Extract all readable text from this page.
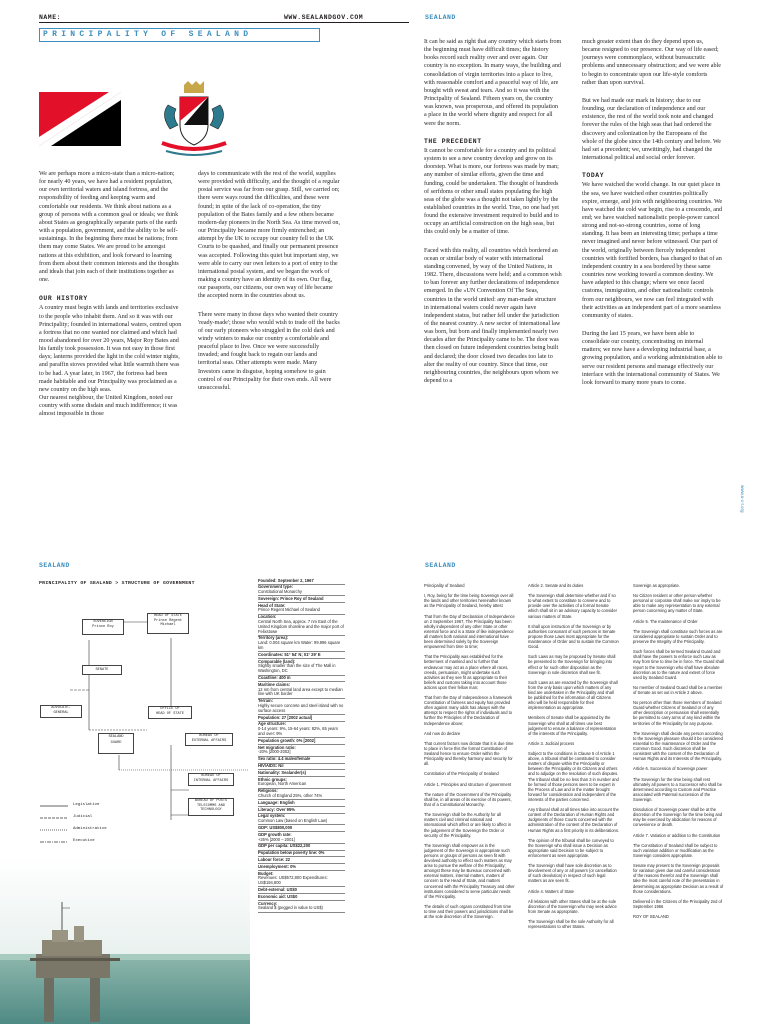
NAME:	WWW.SEALANDGOV.COM	SEALAND
PRINCIPALITY OF SEALAND

We are perhaps more a micro-state than a micro-nation; for nearly 40 years, we have had a resident population, our own territorial waters and island fortress, and the responsibility of feeding and keeping warm and comfortable our residents. We think about nations as a group of persons with a common goal or ideals; we think about States as geographically separate parts of the earth with a population, government, and the ability to be self-sustainings. In the beginning there must be nations; from them may come States. We are proud to be amongst nations at this exhibition, and look forward to learning from them about their common interests and the thoughts and ideals that join each of their institutions together as one.

OUR HISTORY

A country must begin with lands and territories exclusive to the people who inhabit them. And so it was with our Principality; founded in international waters, centred upon a fortress that no one wanted nor claimed and which had mood abandoned for over 20 years, Major Roy Bates and his family took possession. It was not easy in those first days; lanterns provided the light in the cold winter nights, and paraffin stoves provided what little warmth there was to be had. A year later, in 1967, the fortress had been made habitable and our Principality was proclaimed as a new country on the high seas.

Our nearest neighbour, the United Kingdom, noted our country with some disdain and much indifference; it was almost impossible in those

days to communicate with the rest of the world, supplies were provided with difficulty, and the thought of a regular postal service was far from our grasp. Still, we carried on; there were ways round the difficulties, and these were found; in spite of the lack of co-operation, the tiny population of the Bates family and a few others became modern-day pioneers in the North Sea. As time moved on, our Principality became more firmly entrenched; an attempt by the UK to occupy our country fell to the UK Courts to be quashed, and finally our permanent presence was accepted. Following this quiet but important step, we were able to carry our own letters to a port of entry to the international postal system, and we began the work of making a country have an identity of its own. Our flag, our passports, our citizens, our own way of life became the accepted norm in the countries about us.

There were many in those days who wanted their country 'ready-made'; those who would wish to trade off the backs of our early pioneers who struggled in the cold dark and windy winters to make our country a comfortable and peaceful place to live. Once we were successfully invaded; and fought back to regain our lands and territorial seas. Other attempts were made. Many Investors came in disguise, hoping somehow to gain control of our Principality for their own ends. All were unsuccessful.

It can be said as right that any country which starts from the beginning must have difficult times; the history books record such reality over and over again. Our country is no exception. In many ways, the building and consolidation of virgin territories into a place to live, with reasonable comfort and a peaceful way of life, are bought with sweat and tears. And so it was with the Principality of Sealand. Fifteen years on, the country was known, was prosperous, and offered its population a place in the world where dignity and respect for all were the norm.

THE PRECEDENT

It cannot be comfortable for a country and its political system to see a new country develop and grow on its doorstep. What is more, our fortress was made by man; any number of similar efforts, given the time and funding, could be undertaken. The thought of hundreds of serfdoms or other small states populating the high seas of the globe was a thought not taken lightly by the established countries in the world. True, no one had yet found the extensive investment required to build and to occupy an artificial construction on the high seas, but this could only be a matter of time.

Faced with this reality, all countries which bordered an ocean or similar body of water with international standing convened, by way of the United Nations, in 1982. There, discussions were held; and a common wish to ban forever any further declarations of independence emerged. In the »UN Convention Of The Seas, countries in the world united: any man-made structure in international waters could never again have independent status, but rather fell under the jurisdiction of the nearest country. A new sector of international law was born, but born and finally implemented nearly two decades after the Principality came to be. The door was then closed on future independent countries being built and declared; the door closed two decades too late to alter the reality of our country. Since that time, our neighbouring countries, the neighbours upon whom we depend to a

much greater extent than do they depend upon us, became resigned to our presence. Our way of life eased; journeys were commonplace, without bureaucratic problems and unnecessary obstruction; and we were able to begin to concentrate upon our life-style comforts rather than upon survival.

But we had made our mark in history; due to our founding, our declaration of independence and our existence, the rest of the world took note and changed forever the rules of the high seas that had ordered the discovery and colonization by the Europeans of the whole of the globe since the 14th century and before. We had set a precedent; we, unwittingly, had changed the international political and social order forever.

TODAY

We have watched the world change. In our quiet place in the sea, we have watched other countries politically expire, emerge, and join with neighbouring countries. We have watched the cold war begin, rise to a crescendo, and end; we have watched nationalistic people-power cancel strong and not-so-strong countries, some of long standing. It has been an interesting time; perhaps a time never imagined and never before witnessed. Our part of the world, originally between fiercely independent countries with fortified borders, has changed to that of an independent country in a sea bordered by these same countries now working toward a common destiny. We have adapted to this change; where we once faced customs, immigration, and other nationalistic controls from our neighbours, we now can feel integrated with their activities as an independent part of a more seamless community of states.

During the last 15 years, we have been able to consolidate our country, concentrating on internal matters; we now have a developing industrial base, a growing population, and a working administration able to serve our resident persons and manage effectively our interface with the international community of States. We look forward to many more years to come.

www.a-c-t.org
SEALAND	SEALAND
PRINCIPALITY OF SEALAND > STRUCTURE OF GOVERNMENT
SOVEREIGN
Prince Roy
HEAD OF STATE
Prince Regent
Michael
SENATE
ADVOCATE-
GENERAL
OFFICE OF
HEAD OF STATE
SEALAND
GUARD
BUREAU OF
EXTERNAL AFFAIRS
BUREAU OF
INTERNAL AFFAIRS
BUREAU OF POSTS
TELECOMMS AND
TECHNOLOGY
Legislative
Judicial
Administrative
Executive
Founded: September 2, 1967
Government type:
Constitutional Monarchy
Sovereign: Prince Roy of Sealand
Head of State:
Prince Regent Michael of Sealand
Location:
Central North Sea, approx. 7 nm East of the United Kingdom shoreline and the major port of Felixstowe
Territory (area):
Land: 0.004 square km Water: 99.996 square km
Coordinates: 51° 54' N; 01° 29' E
Comparable (land):
Slightly smaller than the size of The Mall in Washington, DC
Coastline: 400 m
Maritime claims:
12 nm from central land area except to median line with UK border
Terrain:
Highly secure concrete and steel island with no surface access
Population: 27 [2002 actual]
Age structure:
0-14 years: 9%, 15-64 years: 82%, 65 years and over: 9%
Population growth: 0% [2002]
Net migration ratio:
-20% [2000-2002]
Sex ratio: 4.4 males/female
HIV/AIDS: Nil
Nationality: Sealander(s)
Ethnic groups:
European, North American
Religions:
Church of England 25%, other 74%
Language: English
Literacy: Over 95%
Legal system:
Common Law (based on English Law)
GDP: US$800,000
GDP growth rate:
+25% [2000 – 2001]
GDP per capita: US$22,200
Population below poverty line: 0%
Labour force: 22
Unemployment: 0%
Budget:
Revenues: US$572,800 Expenditures: US$194,800
Debt-external: US$0
Economic aid: US$0
Currency:
Sealand $ (pegged in value to US$)
Principality of Sealand

I, Roy, being for the time being Sovereign over all the lands and other territories hereinafter known as the Principality of Sealand, hereby attest

That from the Day of Declaration of Independence on 2 September 1967, The Principality has been wholly independent of any other State or other external force and is a State of like independence all matters both national and international have been determined solely by the Sovereign empowered from time to time;

That the Principality was established for the betterment of mankind and to further that endeavour may act as a place where all races, creeds, persuasion, might undertake such activities as they see fit as appropriate to their beliefs and customs taking into account those actions upon their fellow man;

That from the Day of Independence a framework Constitution of fairness and equity has provided often against many odds has always with the attempt to respect the rights of individuals and to further the Principles of the Declaration of Independence above;

And now do declare

That current factors now dictate that it is due time to place in force this the formal Constitution of Sealand hence to ensure Order within the Principality and thereby harmony and security for all.

Constitution of the Principality of Sealand

Article 1. Principles and structure of government

The nature of the Government of the Principality shall be, in all areas of its exercise of its powers, that of a Constitutional Monarchy.

The Sovereign shall be the Authority for all matters civil and criminal national and international which affect or are likely to affect in the judgement of the Sovereign the Order or security of the Principality.

The Sovereign shall empower as in the judgement of the Sovereign is appropriate such persons or groups of persons as seen fit with devolved authority to effect such matters as may arise to pursue the welfare of the Principality; amongst these may be Bureaux concerned with external matters, internal matters, matters of concern to the Head of State, and matters concerned with the Principality Treasury and other institutions considered to serve particular needs of the Principality.

The details of such organs constituted from time to time and their powers and jurisdictions shall be at the sole discretion of the Sovereign.
Article 2. Senate and its duties

The Sovereign shall determine whether and if so to what extent to constitute to convene and to provide over the activities of a formal Senate which shall sit in an advisory capacity to consider various matters of State.

It shall upon instruction of the Sovereign or by authorities consonant of such persons in Senate propose those Laws most appropriate for the maintenance of Order and to sustain the Common Good.

Such Laws as may be proposed by Senate shall be presented to the Sovereign for bringing into effect or for such other disposition as the Sovereign in sole discretion shall see fit.

Such Laws as are enacted by the Sovereign shall from the only basis upon which matters of any kind are undertaken in the Principality and shall be published for the information of all Citizens who will be held responsible for their implementation as appropriate.

Members of Senate shall be appointed by the Sovereign who shall at all times use best judgement to ensure a balance of representation of the interests of the Principality.

Article 3. Judicial process

Subject to the conditions in Clause 5 of Article 1 above, a tribunal shall be constituted to consider matters of dispute within the Principality or between the Principality or its Citizens and others and to adjudge on the resolution of such disputes. The tribunal shall be no less than 3 in number and be formed of those persons seen to be expert in the Process of Law and in the matter brought forward for consideration and independent of the interests of the parties concerned.

Any tribunal shall at all times take into account the content of the Declaration of Human Rights and Judgments of those Courts concerned with the administration of the content of the Declaration of Human Rights as a first priority in its deliberations.

The opinion of the tribunal shall be conveyed to the Sovereign who shall issue a Decision as appropriate said Decision to be subject to enforcement as seen appropriate.

The Sovereign shall have sole discretion as to devolvement of any or all powers (or cancellation of such devolution) in respect of such legal matters as are seen fit.

Article 4. Matters of State

All relations with other States shall be at the sole discretion of the Sovereign who may seek advice from Senate as appropriate.

The Sovereign shall be the sole Authority for all representations to other States.
Sovereign as appropriate.

No Citizen resident or other person whether personal or corporate shall make nor imply to be able to make any representation to any external person concerning any matter of State.

Article 5. The maintenance of Order

The Sovereign shall constitute such forces as are considered appropriate to sustain Order and to preserve the Integrity of the Principality.

Such forces shall be termed Sealand Guard and shall have the powers to enforce such Law as may from time to time be in force. The Guard shall report to the Sovereign who shall have absolute discretion as to the nature and extent of force used by Sealand Guard.

No member of Sealand Guard shall be a member of Senate as set out in Article 2 above.

No person other than those members of Sealand Guard whether Citizens of Sealand or of any other description or persuasion shall essentially be permitted to carry arms of any kind within the territories of the Principality for any purpose.

The Sovereign shall decide any person according to the Sovereign pleasure should it be considered essential to the maintenance of Order and the Common Good. Such discretion shall be consistent with the content of the Declaration of Human Rights and its Interests of the Principality.

Article 6. Succession of Sovereign power

The Sovereign for the time being shall rest ultimately all powers to a Successor who shall be determined according to Custom and Practice associated with Paternal succession of the Sovereign.

Dissolution of Sovereign power shall be at the discretion of the Sovereign for the time being and may be exercised by abdication for reasons of convenience or death.

Article 7. Variation or addition to the Constitution

The Constitution of Sealand shall be subject to such variation addition or modification as the Sovereign considers appropriate.

Senate may present to the Sovereign proposals for variation given due and careful consideration of the reasons therefor and the Sovereign shall take the most careful note of the presentation in determining as appropriate Decision as a result of those considerations.

Delivered in the Citizens of the Principality 2nd of September 1966

ROY OF SEALAND
